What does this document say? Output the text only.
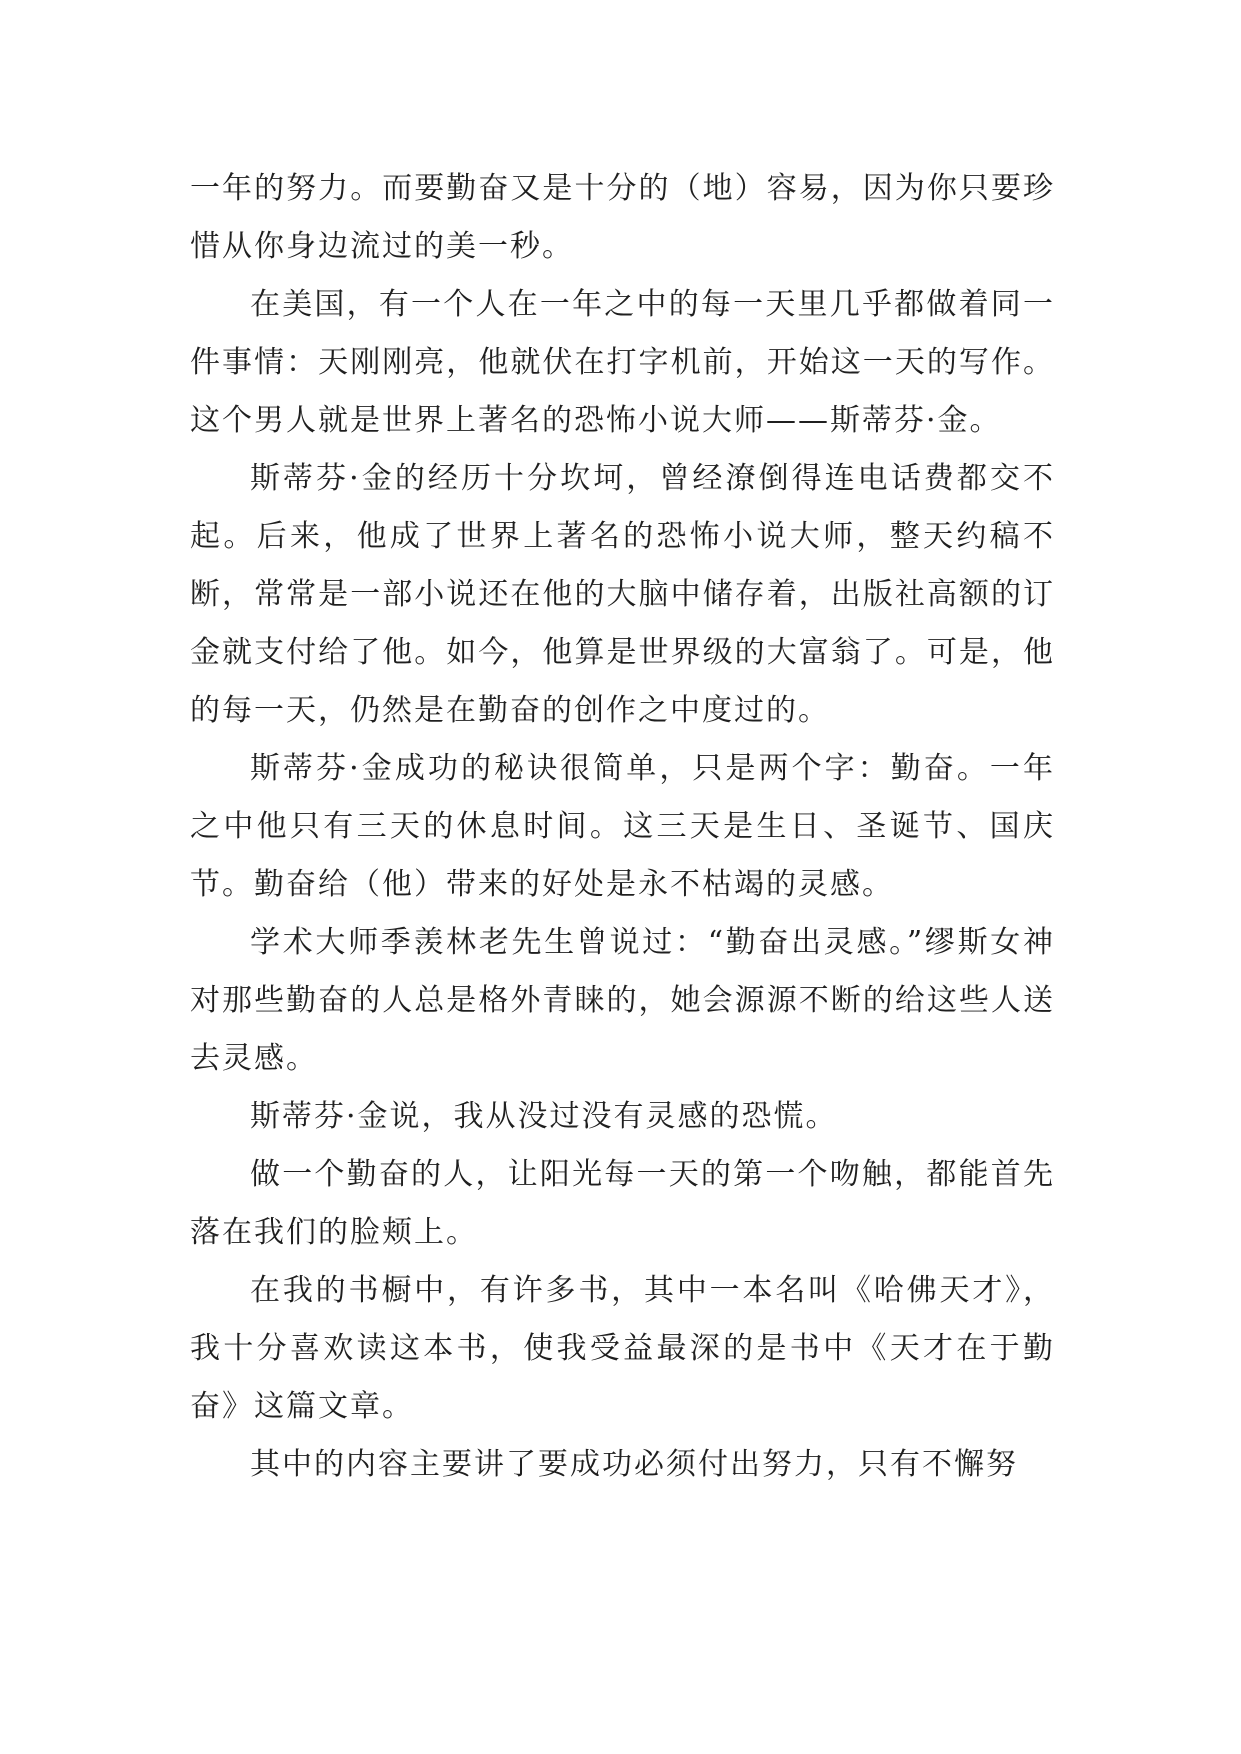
一年的努力。而要勤奋又是十分的（地）容易，因为你只要珍惜从你身边流过的美一秒。

在美国，有一个人在一年之中的每一天里几乎都做着同一件事情：天刚刚亮，他就伏在打字机前，开始这一天的写作。这个男人就是世界上著名的恐怖小说大师——斯蒂芬·金。

斯蒂芬·金的经历十分坎坷，曾经潦倒得连电话费都交不起。后来，他成了世界上著名的恐怖小说大师，整天约稿不断，常常是一部小说还在他的大脑中储存着，出版社高额的订金就支付给了他。如今，他算是世界级的大富翁了。可是，他的每一天，仍然是在勤奋的创作之中度过的。

斯蒂芬·金成功的秘诀很简单，只是两个字：勤奋。一年之中他只有三天的休息时间。这三天是生日、圣诞节、国庆节。勤奋给（他）带来的好处是永不枯竭的灵感。

学术大师季羡林老先生曾说过：“勤奋出灵感。”缪斯女神对那些勤奋的人总是格外青睐的，她会源源不断的给这些人送去灵感。

斯蒂芬·金说，我从没过没有灵感的恐慌。

做一个勤奋的人，让阳光每一天的第一个吻触，都能首先落在我们的脸颊上。

在我的书橱中，有许多书，其中一本名叫《哈佛天才》，我十分喜欢读这本书，使我受益最深的是书中《天才在于勤奋》这篇文章。

其中的内容主要讲了要成功必须付出努力，只有不懈努
